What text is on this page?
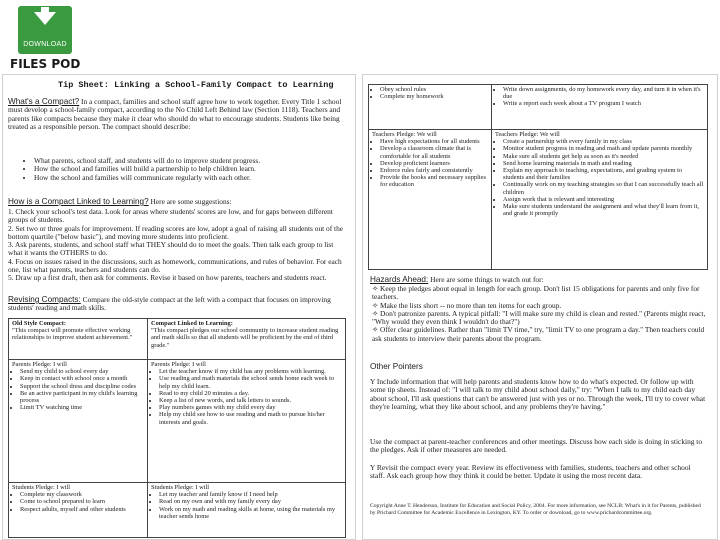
DOWNLOAD
FILES POD
Tip Sheet: Linking a School-Family Compact to Learning
What's a Compact? In a compact, families and school staff agree how to work together. Every Title 1 school must develop a school-family compact, according to the No Child Left Behind law (Section 1118). Teachers and parents like compacts because they make it clear who should do what to encourage students. Students like being treated as a responsible person. The compact should describe:
• What parents, school staff, and students will do to improve student progress.
• How the school and families will build a partnership to help children learn.
• How the school and families will communicate regularly with each other.
How is a Compact Linked to Learning? Here are some suggestions:
1. Check your school's test data. Look for areas where students' scores are low, and for gaps between different groups of students.
2. Set two or three goals for improvement. If reading scores are low, adopt a goal of raising all students out of the bottom quartile ("below basic"), and moving more students into proficient.
3. Ask parents, students, and school staff what THEY should do to meet the goals. Then talk each group to list what it wants the OTHERS to do.
4. Focus on issues raised in the discussions, such as homework, communications, and rules of behavior. For each one, list what parents, teachers and students can do.
5. Draw up a first draft, then ask for comments. Revise it based on how parents, teachers and students react.
Revising Compacts: Compare the old-style compact at the left with a compact that focuses on improving students' reading and math skills.
Old Style Compact:
"This compact will promote effective working relationships to improve student achievement."
Compact Linked to Learning:
"This compact pledges our school community to increase student reading and math skills so that all students will be proficient by the end of third grade."
Parents Pledge: I will
• Send my child to school every day
• Keep in contact with school once a month
• Support the school dress and discipline codes
• Be an active participant in my child's learning process
• Limit TV watching time
Parents Pledge: I will
• Let the teacher know if my child has any problems with learning.
• Use reading and math materials the school sends home each week to help my child learn.
• Read to my child 20 minutes a day.
• Keep a list of new words, and talk letters to sounds.
• Play numbers games with my child every day
• Help my child see how to use reading and math to pursue his/her interests and goals.
Students Pledge: I will
• Complete my classwork
• Come to school prepared to learn
• Respect adults, myself and other students
Students Pledge: I will
• Let my teacher and family know if I need help
• Read on my own and with my family every day
• Work on my math and reading skills at home, using the materials my teacher sends home
• Obey school rules
• Complete my homework
• Write down assignments, do my homework every day, and turn it in when it's due
• Write a report each week about a TV program I watch
Teachers Pledge: We will
• Have high expectations for all students
• Develop a classroom climate that is comfortable for all students
• Develop proficient learners
• Enforce rules fairly and consistently
• Provide the books and necessary supplies for education
Teachers Pledge: We will
• Create a partnership with every family in my class
• Monitor student progress in reading and math and update parents monthly
• Make sure all students get help as soon as it's needed
• Send home learning materials in math and reading
• Explain my approach to teaching, expectations, and grading system to students and their families
• Continually work on my teaching strategies so that I can successfully teach all children
• Assign work that is relevant and interesting
• Make sure students understand the assignment and what they'll learn from it, and grade it promptly
Hazards Ahead: Here are some things to watch out for:
✧ Keep the pledges about equal in length for each group. Don't list 15 obligations for parents and only five for teachers.
✧ Make the lists short -- no more than ten items for each group.
✧ Don't patronize parents. A typical pitfall: "I will make sure my child is clean and rested." (Parents might react, "Why would they even think I wouldn't do that?")
✧ Offer clear guidelines. Rather than "limit TV time," try, "limit TV to one program a day." Then teachers could ask students to interview their parents about the program.
Other Pointers
Y Include information that will help parents and students know how to do what's expected. Or follow up with some tip sheets. Instead of: "I will talk to my child about school daily," try: "When I talk to my child each day about school, I'll ask questions that can't be answered just with yes or no. Through the week, I'll try to cover what they're learning, what they like about school, and any problems they're having."
Use the compact at parent-teacher conferences and other meetings. Discuss how each side is doing in sticking to the pledges. Ask if other measures are needed.
Y Revisit the compact every year. Review its effectiveness with families, students, teachers and other school staff. Ask each group how they think it could be better. Update it using the most recent data.
Copyright Anne T. Henderson, Institute for Education and Social Policy, 2004. For more information, see NCLB: What's in it for Parents, published by Prichard Committee for Academic Excellence in Lexington, KY. To order or download, go to www.prichardcommittee.org.
